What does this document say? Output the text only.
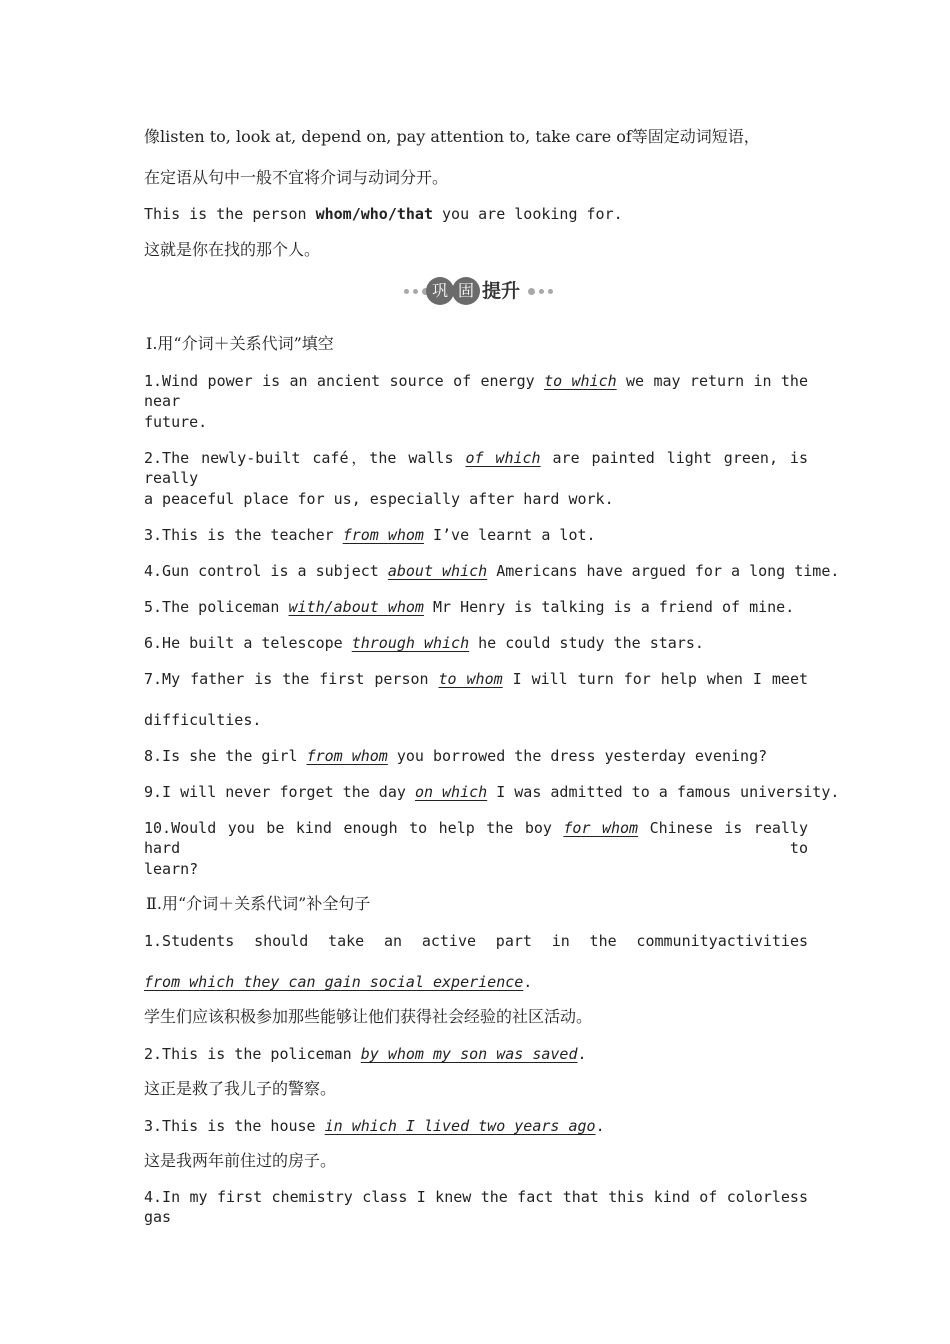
像listen to, look at, depend on, pay attention to, take care of等固定动词短语，
在定语从句中一般不宜将介词与动词分开。
This is the person whom/who/that you are looking for.
这就是你在找的那个人。
巩 固 提升
Ⅰ.用“介词＋关系代词”填空
1.Wind power is an ancient source of energy to which we may return in the near
future.
2.The newly-built café，the walls of which are painted light green, is really
a peaceful place for us, especially after hard work.
3.This is the teacher from whom I’ve learnt a lot.
4.Gun control is a subject about which Americans have argued for a long time.
5.The policeman with/about whom Mr Henry is talking is a friend of mine.
6.He built a telescope through which he could study the stars.
7.My father is the first person to whom I will turn for help when I meet
difficulties.
8.Is she the girl from whom you borrowed the dress yesterday evening?
9.I will never forget the day on which I was admitted to a famous university.
10.Would you be kind enough to help the boy for whom Chinese is really hard to
learn?
Ⅱ.用“介词＋关系代词”补全句子
1.Students should take an active part in the communityactivities
from which they can gain social experience.
学生们应该积极参加那些能够让他们获得社会经验的社区活动。
2.This is the policeman by whom my son was saved.
这正是救了我儿子的警察。
3.This is the house in which I lived two years ago.
这是我两年前住过的房子。
4.In my first chemistry class I knew the fact that this kind of colorless gas
